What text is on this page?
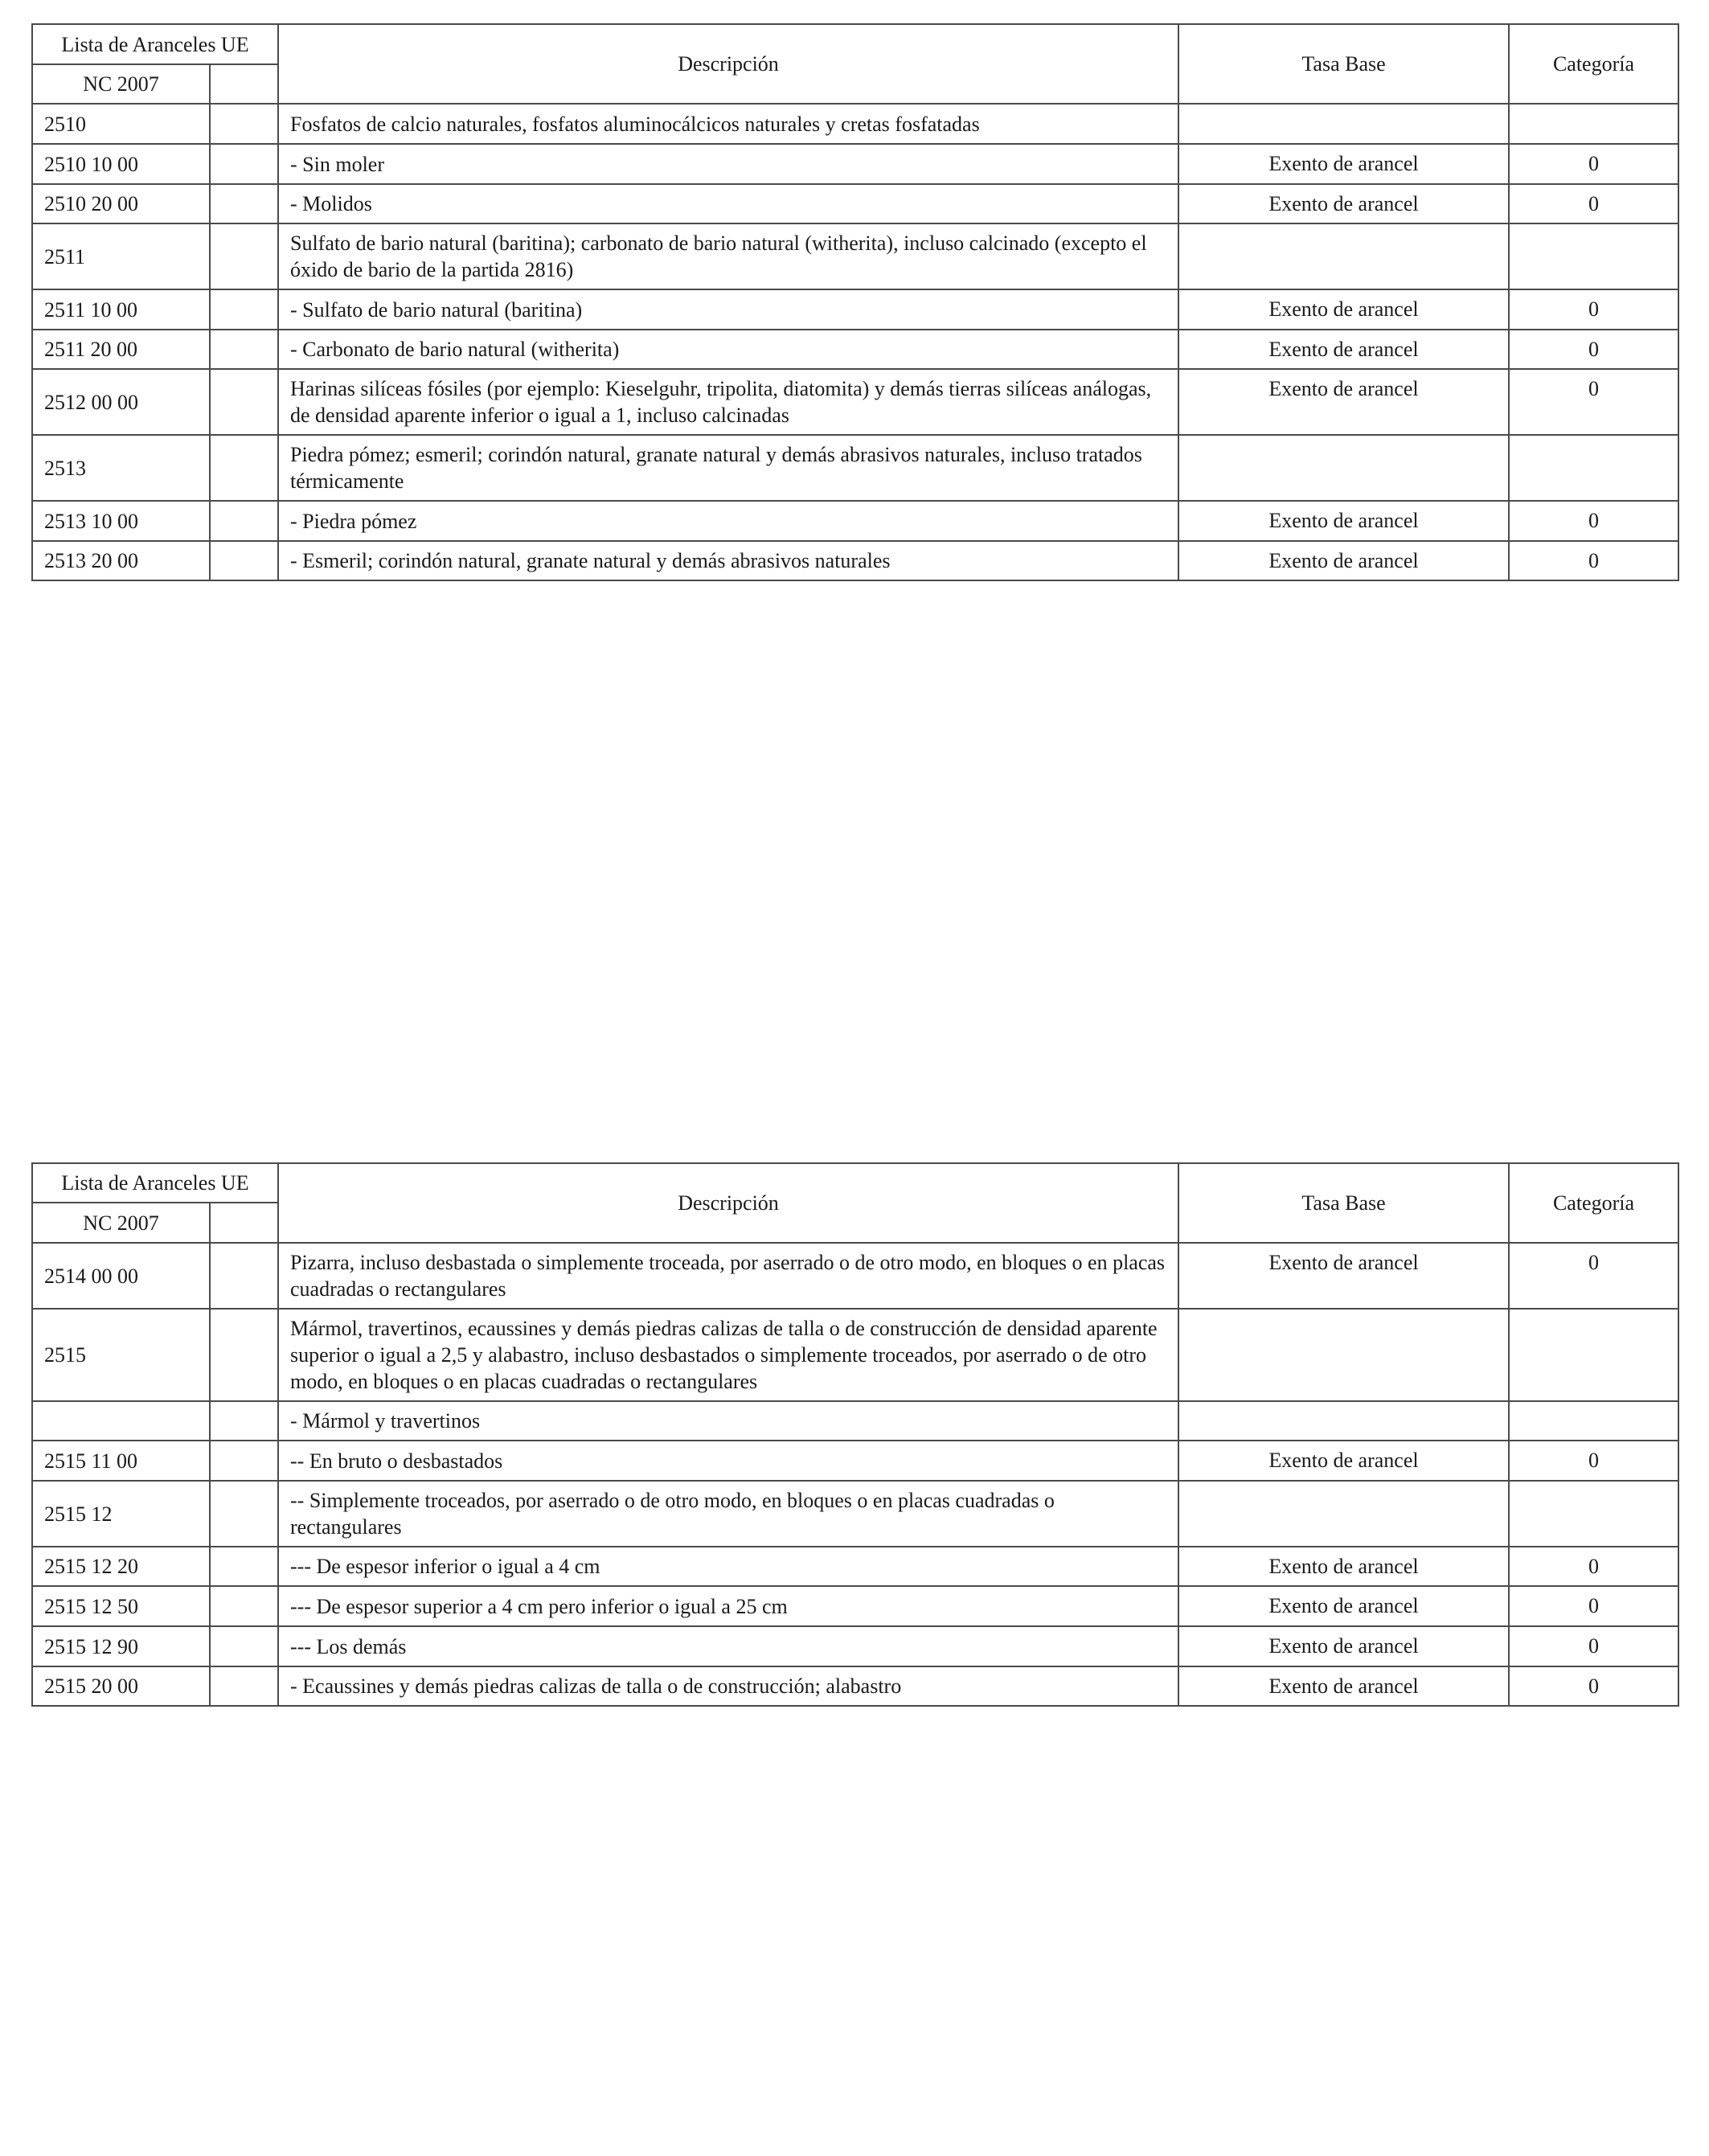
Lista de Aranceles UE		Descripción	Tasa Base	Categoría
NC 2007				
2510		Fosfatos de calcio naturales, fosfatos aluminocálcicos naturales y cretas fosfatadas		
2510 10 00		- Sin moler	Exento de arancel	0
2510 20 00		- Molidos	Exento de arancel	0
2511		Sulfato de bario natural (baritina); carbonato de bario natural (witherita), incluso calcinado (excepto el óxido de bario de la partida 2816)		
2511 10 00		- Sulfato de bario natural (baritina)	Exento de arancel	0
2511 20 00		- Carbonato de bario natural (witherita)	Exento de arancel	0
2512 00 00		Harinas silíceas fósiles (por ejemplo: Kieselguhr, tripolita, diatomita) y demás tierras silíceas análogas, de densidad aparente inferior o igual a 1, incluso calcinadas	Exento de arancel	0
2513		Piedra pómez; esmeril; corindón natural, granate natural y demás abrasivos naturales, incluso tratados térmicamente		
2513 10 00		- Piedra pómez	Exento de arancel	0
2513 20 00		- Esmeril; corindón natural, granate natural y demás abrasivos naturales	Exento de arancel	0
Lista de Aranceles UE		Descripción	Tasa Base	Categoría
NC 2007				
2514 00 00		Pizarra, incluso desbastada o simplemente troceada, por aserrado o de otro modo, en bloques o en placas cuadradas o rectangulares	Exento de arancel	0
2515		Mármol, travertinos, ecaussines y demás piedras calizas de talla o de construcción de densidad aparente superior o igual a 2,5 y alabastro, incluso desbastados o simplemente troceados, por aserrado o de otro modo, en bloques o en placas cuadradas o rectangulares		
		- Mármol y travertinos		
2515 11 00		-- En bruto o desbastados	Exento de arancel	0
2515 12		-- Simplemente troceados, por aserrado o de otro modo, en bloques o en placas cuadradas o rectangulares		
2515 12 20		--- De espesor inferior o igual a 4 cm	Exento de arancel	0
2515 12 50		--- De espesor superior a 4 cm pero inferior o igual a 25 cm	Exento de arancel	0
2515 12 90		--- Los demás	Exento de arancel	0
2515 20 00		- Ecaussines y demás piedras calizas de talla o de construcción; alabastro	Exento de arancel	0
